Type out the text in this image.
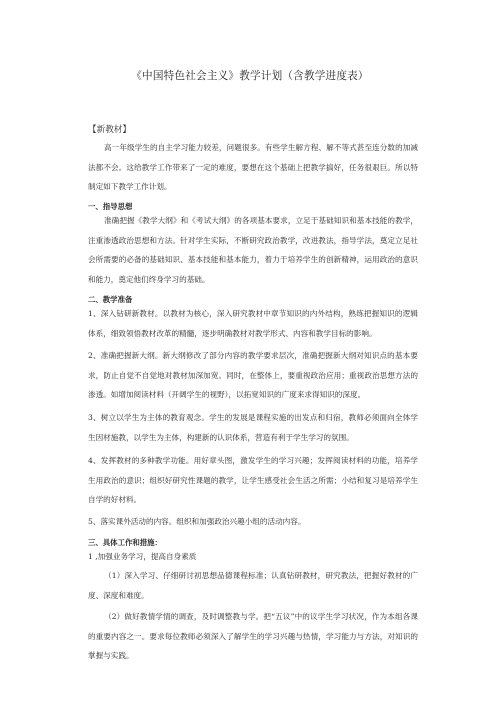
《中国特色社会主义》教学计划（含教学进度表）
【新教材】
高一年级学生的自主学习能力较差，问题很多。有些学生解方程、解不等式甚至连分数的加减法都不会。这给教学工作带来了一定的难度，要想在这个基础上把教学搞好，任务很艰巨。所以特制定如下教学工作计划。
一、指导思想
准确把握《教学大纲》和《考试大纲》的各项基本要求，立足于基础知识和基本技能的教学，注重渗透政治思想和方法。针对学生实际，不断研究政治教学，改进教法，指导学法，奠定立足社会所需要的必备的基础知识、基本技能和基本能力，着力于培养学生的创新精神，运用政治的意识和能力，奠定他们终身学习的基础。
二、教学准备
1、深入钻研新教材。以教材为核心，深入研究教材中章节知识的内外结构，熟练把握知识的逻辑体系，细致领悟教材改革的精髓，逐步明确教材对教学形式、内容和教学目标的影响。
2、准确把握新大纲。新大纲修改了部分内容的教学要求层次，准确把握新大纲对知识点的基本要求，防止自觉不自觉地对教材加深加宽。同时，在整体上，要重视政治应用；重视政治思想方法的渗透。如增加阅读材料（开阔学生的视野），以拓宽知识的广度来求得知识的深度。
3、树立以学生为主体的教育观念。学生的发展是课程实施的出发点和归宿，教师必须面向全体学生因材施教，以学生为主体，构建新的认识体系，营造有利于学生学习的氛围。
4、发挥教材的多种教学功能。用好章头图，激发学生的学习兴趣；发挥阅读材料的功能，培养学生用政治的意识；组织好研究性课题的教学，让学生感受社会生活之所需；小结和复习是培养学生自学的好材料。
5、落实课外活动的内容。组织和加强政治兴趣小组的活动内容。
三、具体工作和措施：
1 ,加强业务学习，提高自身素质
（1）深入学习、仔细研讨初思想品德课程标准；认真钻研教材，研究教法，把握好教材的广度、深度和难度。
（2）做好教情学情的调查，及时调整教与学。把“五议”中的议学生学习状况，作为本组各课的重要内容之一。要求每位教师必须深入了解学生的学习兴趣与热情，学习能力与方法，对知识的掌握与实践。
